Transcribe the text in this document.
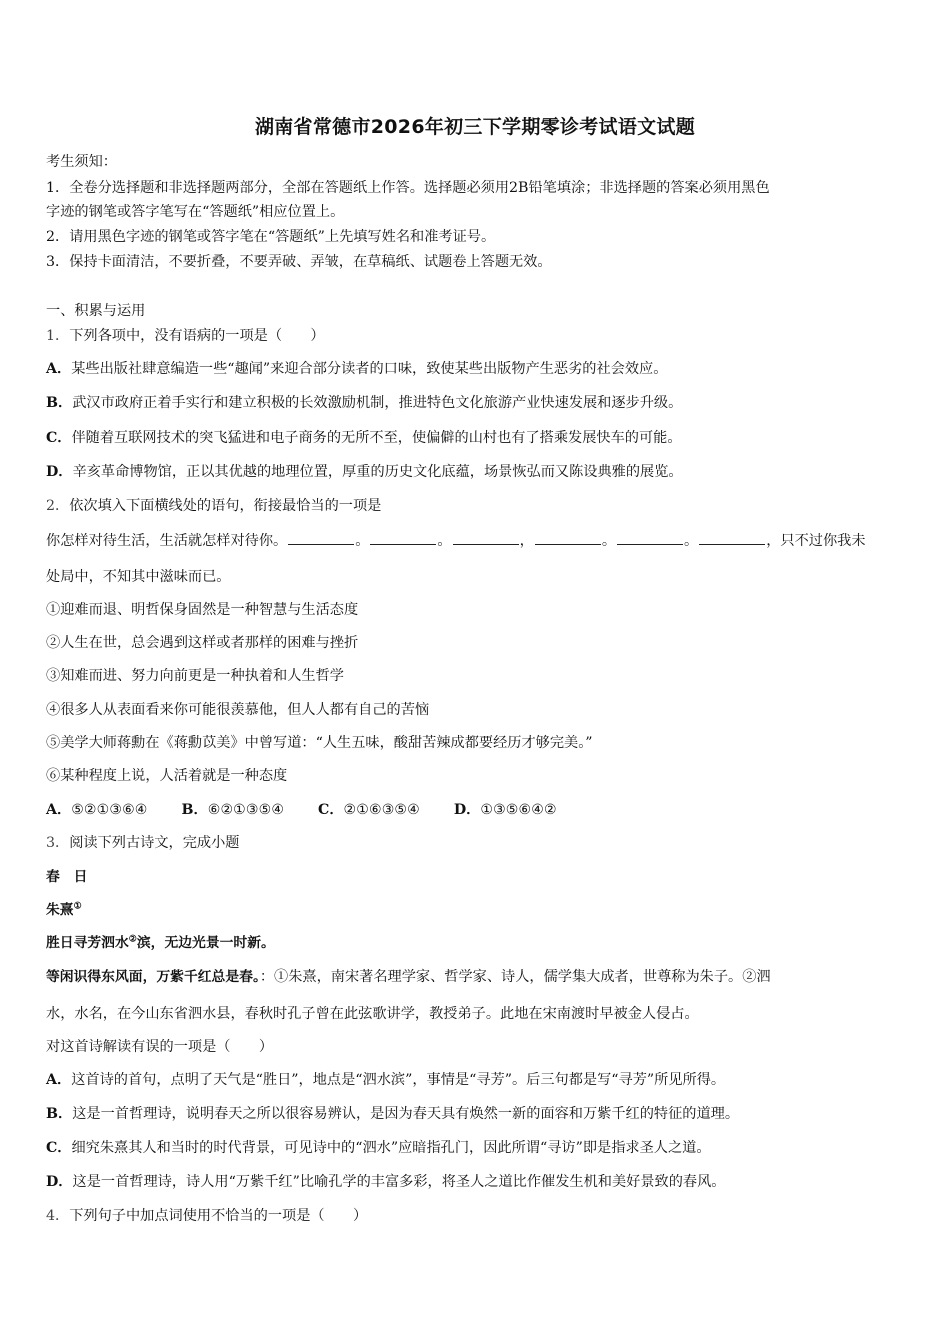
湖南省常德市2026年初三下学期零诊考试语文试题
考生须知：
1．全卷分选择题和非选择题两部分，全部在答题纸上作答。选择题必须用2B铅笔填涂；非选择题的答案必须用黑色
字迹的钢笔或答字笔写在“答题纸”相应位置上。
2．请用黑色字迹的钢笔或答字笔在“答题纸”上先填写姓名和准考证号。
3．保持卡面清洁，不要折叠，不要弄破、弄皱，在草稿纸、试题卷上答题无效。
一、积累与运用
1．下列各项中，没有语病的一项是（　　）
A．某些出版社肆意编造一些“趣闻”来迎合部分读者的口味，致使某些出版物产生恶劣的社会效应。
B．武汉市政府正着手实行和建立积极的长效激励机制，推进特色文化旅游产业快速发展和逐步升级。
C．伴随着互联网技术的突飞猛进和电子商务的无所不至，使偏僻的山村也有了搭乘发展快车的可能。
D．辛亥革命博物馆，正以其优越的地理位置，厚重的历史文化底蕴，场景恢弘而又陈设典雅的展览。
2．依次填入下面横线处的语句，衔接最恰当的一项是
你怎样对待生活，生活就怎样对待你。	。	。	，	。	。	，只不过你我未
处局中，不知其中滋味而已。
①迎难而退、明哲保身固然是一种智慧与生活态度
②人生在世，总会遇到这样或者那样的困难与挫折
③知难而进、努力向前更是一种执着和人生哲学
④很多人从表面看来你可能很羡慕他，但人人都有自己的苦恼
⑤美学大师蒋勳在《蒋勳苡美》中曾写道：“人生五味，酸甜苦辣成都要经历才够完美。”
⑥某种程度上说，人活着就是一种态度
A．⑤②①③⑥④ B．⑥②①③⑤④ C．②①⑥③⑤④ D．①③⑤⑥④②
3．阅读下列古诗文，完成小题
春　日
朱熹①
胜日寻芳泗水②滨，无边光景一时新。
等闲识得东风面，万紫千红总是春。：①朱熹，南宋著名理学家、哲学家、诗人，儒学集大成者，世尊称为朱子。②泗
水，水名，在今山东省泗水县，春秋时孔子曾在此弦歌讲学，教授弟子。此地在宋南渡时早被金人侵占。
对这首诗解读有误的一项是（　　）
A．这首诗的首句，点明了天气是“胜日”，地点是“泗水滨”，事情是“寻芳”。后三句都是写“寻芳”所见所得。
B．这是一首哲理诗，说明春天之所以很容易辨认，是因为春天具有焕然一新的面容和万紫千红的特征的道理。
C．细究朱熹其人和当时的时代背景，可见诗中的“泗水”应暗指孔门，因此所谓“寻访”即是指求圣人之道。
D．这是一首哲理诗，诗人用“万紫千红”比喻孔学的丰富多彩，将圣人之道比作催发生机和美好景致的春风。
4．下列句子中加点词使用不恰当的一项是（　　）
